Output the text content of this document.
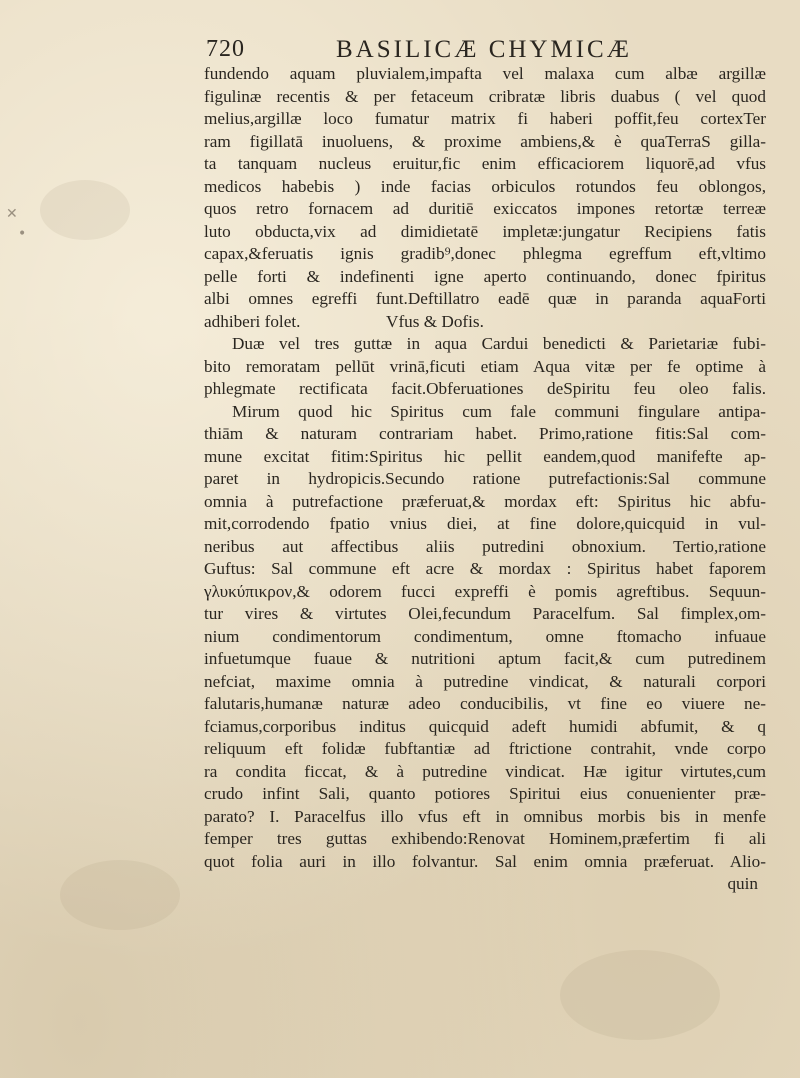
✕
•
720	BASILICÆ CHYMICÆ
fundendo aquam pluvialem,impafta vel malaxa cum albæ argillæ
figulinæ recentis & per fetaceum cribratæ libris duabus ( vel quod
melius,argillæ loco fumatur matrix fi haberi poffit,feu cortexTer
ram figillatā inuoluens, & proxime ambiens,& è quaTerraS gilla-
ta tanquam nucleus eruitur,fic enim efficaciorem liquorē,ad vfus
medicos habebis ) inde facias orbiculos rotundos feu oblongos,
quos retro fornacem ad duritiē exiccatos impones retortæ terreæ
luto obducta,vix ad dimidietatē impletæ:jungatur Recipiens fatis
capax,&feruatis ignis gradib⁹,donec phlegma egreffum eft,vltimo
pelle forti & indefinenti igne aperto continuando, donec fpiritus
albi omnes egreffi funt.Deftillatro eadē quæ in paranda aquaForti
adhiberi folet.                    Vfus & Dofis.
Duæ vel tres guttæ in aqua Cardui benedicti & Parietariæ fubi-
bito remoratam pellūt vrinā,ficuti etiam Aqua vitæ per fe optime à
phlegmate rectificata facit.Obferuationes deSpiritu feu oleo falis.
Mirum quod hic Spiritus cum fale communi fingulare antipa-
thiām & naturam contrariam habet. Primo,ratione fitis:Sal com-
mune excitat fitim:Spiritus hic pellit eandem,quod manifefte ap-
paret in hydropicis.Secundo ratione putrefactionis:Sal commune
omnia à putrefactione præferuat,& mordax eft: Spiritus hic abfu-
mit,corrodendo fpatio vnius diei, at fine dolore,quicquid in vul-
neribus aut affectibus aliis putredini obnoxium. Tertio,ratione
Guftus: Sal commune eft acre & mordax : Spiritus habet faporem
γλυκύπικρον,& odorem fucci expreffi è pomis agreftibus. Sequun-
tur vires & virtutes Olei,fecundum Paracelfum. Sal fimplex,om-
nium condimentorum condimentum, omne ftomacho infuaue
infuetumque fuaue & nutritioni aptum facit,& cum putredinem
nefciat, maxime omnia à putredine vindicat, & naturali corpori
falutaris,humanæ naturæ adeo conducibilis, vt fine eo viuere ne-
fciamus,corporibus inditus quicquid adeft humidi abfumit, & q
reliquum eft folidæ fubftantiæ ad ftrictione contrahit, vnde corpo
ra condita ficcat, & à putredine vindicat. Hæ igitur virtutes,cum
crudo infint Sali, quanto potiores Spiritui eius conuenienter præ-
parato? I. Paracelfus illo vfus eft in omnibus morbis bis in menfe
femper tres guttas exhibendo:Renovat Hominem,præfertim fi ali
quot folia auri in illo folvantur. Sal enim omnia præferuat. Alio-
quin
